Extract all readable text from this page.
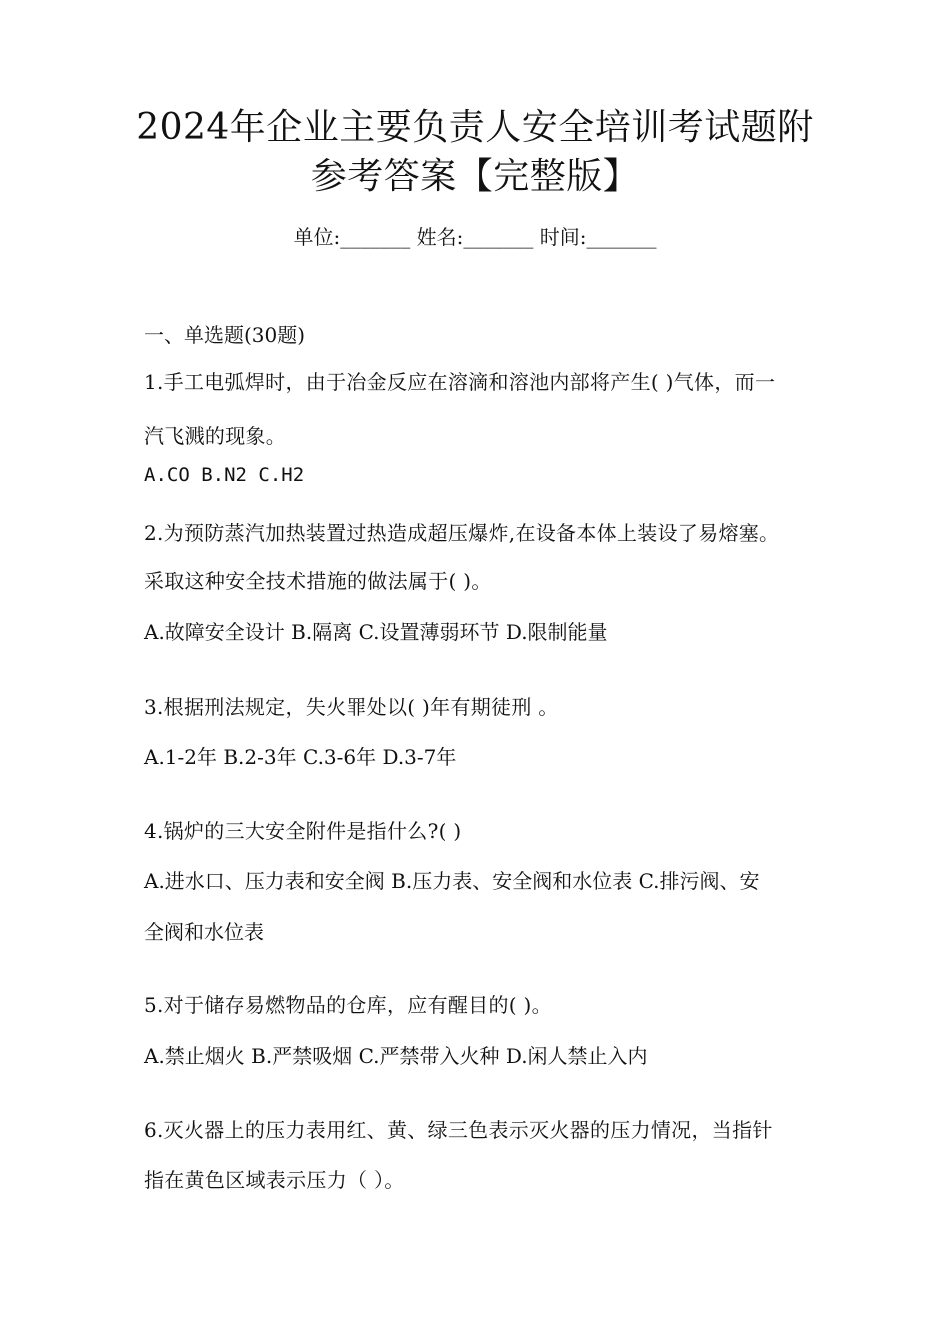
2024年企业主要负责人安全培训考试题附
参考答案【完整版】
单位:_______ 姓名:_______ 时间:_______
一、单选题(30题)
1.手工电弧焊时，由于冶金反应在溶滴和溶池内部将产生( )气体，而一
汽飞溅的现象。
A.CO B.N2 C.H2
2.为预防蒸汽加热装置过热造成超压爆炸,在设备本体上装设了易熔塞。
采取这种安全技术措施的做法属于( )。
A.故障安全设计 B.隔离 C.设置薄弱环节 D.限制能量
3.根据刑法规定，失火罪处以( )年有期徒刑 。
A.1-2年 B.2-3年 C.3-6年 D.3-7年
4.锅炉的三大安全附件是指什么?( )
A.进水口、压力表和安全阀 B.压力表、安全阀和水位表 C.排污阀、安
全阀和水位表
5.对于储存易燃物品的仓库，应有醒目的( )。
A.禁止烟火 B.严禁吸烟 C.严禁带入火种 D.闲人禁止入内
6.灭火器上的压力表用红、黄、绿三色表示灭火器的压力情况，当指针
指在黄色区域表示压力（ ）。
